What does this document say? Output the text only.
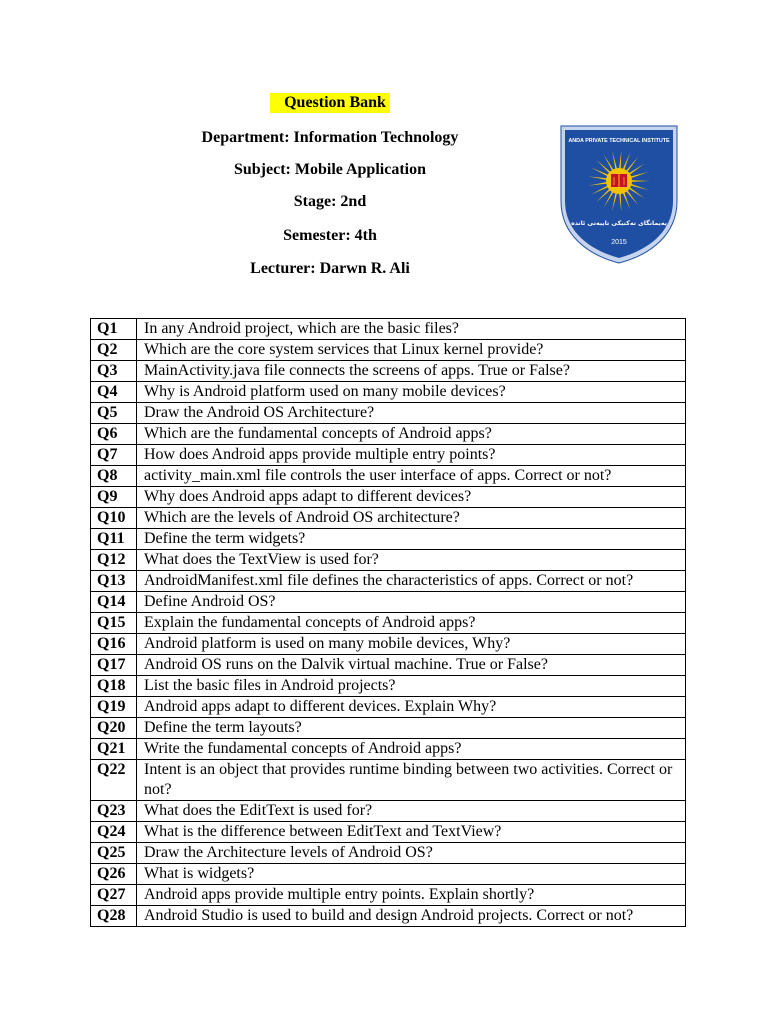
Question Bank
Department: Information Technology
Subject: Mobile Application
Stage: 2nd
Semester: 4th
Lecturer: Darwn R. Ali
ANDA PRIVATE TECHNICAL INSTITUTE
پەیمانگای تەکنیکی تایبەتی ئاندە
2015
Q1	In any Android project, which are the basic files?
Q2	Which are the core system services that Linux kernel provide?
Q3	MainActivity.java file connects the screens of apps. True or False?
Q4	Why is Android platform used on many mobile devices?
Q5	Draw the Android OS Architecture?
Q6	Which are the fundamental concepts of Android apps?
Q7	How does Android apps provide multiple entry points?
Q8	activity_main.xml file controls the user interface of apps. Correct or not?
Q9	Why does Android apps adapt to different devices?
Q10	Which are the levels of Android OS architecture?
Q11	Define the term widgets?
Q12	What does the TextView is used for?
Q13	AndroidManifest.xml file defines the characteristics of apps. Correct or not?
Q14	Define Android OS?
Q15	Explain the fundamental concepts of Android apps?
Q16	Android platform is used on many mobile devices, Why?
Q17	Android OS runs on the Dalvik virtual machine. True or False?
Q18	List the basic files in Android projects?
Q19	Android apps adapt to different devices. Explain Why?
Q20	Define the term layouts?
Q21	Write the fundamental concepts of Android apps?
Q22	Intent is an object that provides runtime binding between two activities. Correct or not?
Q23	What does the EditText is used for?
Q24	What is the difference between EditText and TextView?
Q25	Draw the Architecture levels of Android OS?
Q26	What is widgets?
Q27	Android apps provide multiple entry points. Explain shortly?
Q28	Android Studio is used to build and design Android projects. Correct or not?
